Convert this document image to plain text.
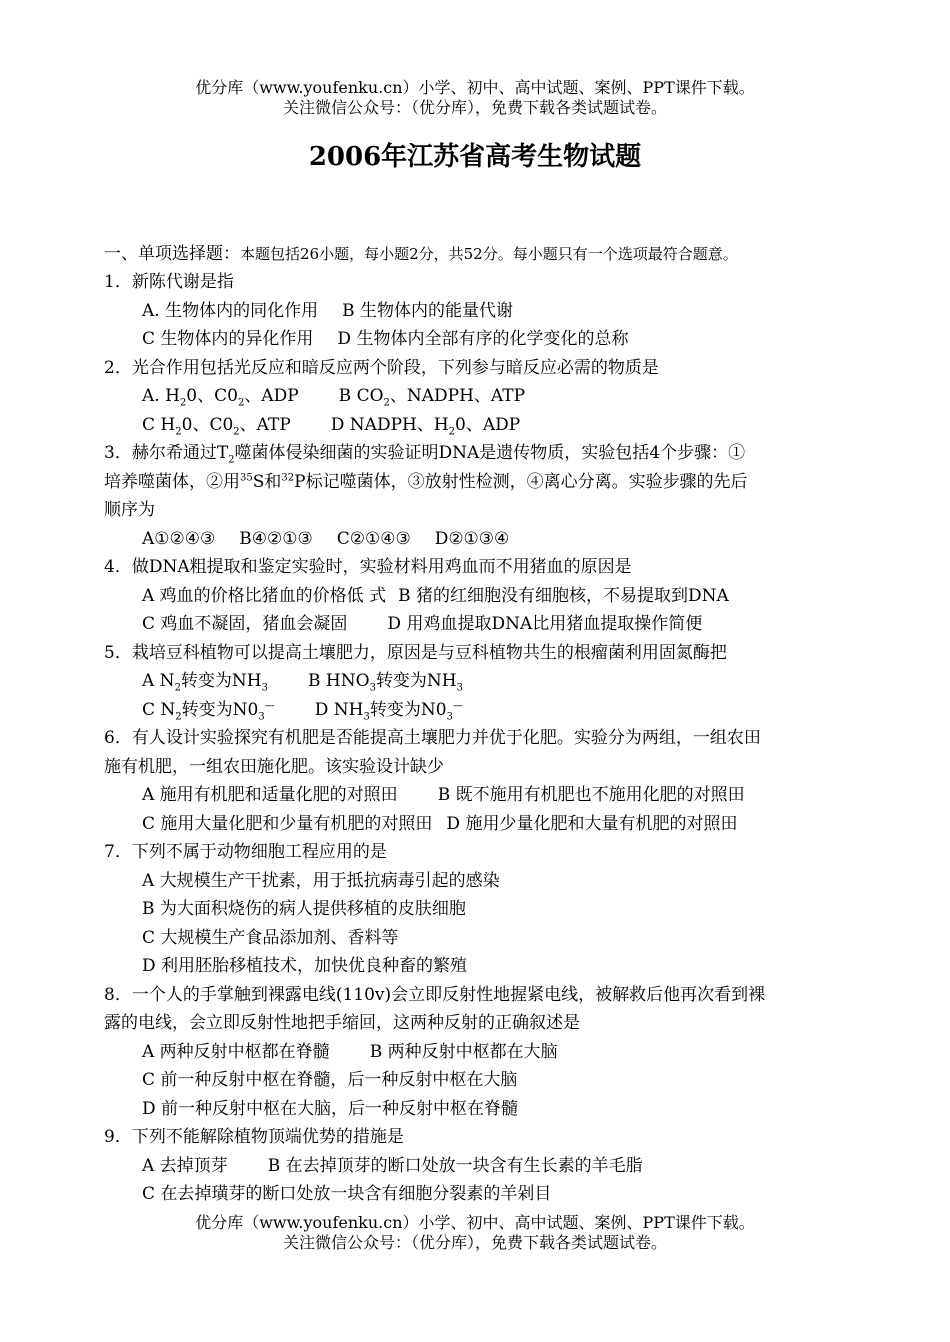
优分库（www.youfenku.cn）小学、初中、高中试题、案例、PPT课件下载。
关注微信公众号：（优分库），免费下载各类试题试卷。
2006年江苏省高考生物试题
一、单项选择题：本题包括26小题，每小题2分，共52分。每小题只有一个选项最符合题意。
1．新陈代谢是指
A. 生物体内的同化作用 B 生物体内的能量代谢
C 生物体内的异化作用 D 生物体内全部有序的化学变化的总称
2．光合作用包括光反应和暗反应两个阶段，下列参与暗反应必需的物质是
A. $H_20$、$C0_2$、ADP B $CO_2$、NADPH、ATP
C $H_20$、$C0_2$、ATP D NADPH、$H_20$、ADP
3．赫尔希通过$T_2$噬菌体侵染细菌的实验证明DNA是遗传物质，实验包括4个步骤：①
培养噬菌体，②用$^{35}$S和$^{32}$P标记噬菌体，③放射性检测，④离心分离。实验步骤的先后
顺序为
A①②④③ B④②①③ C②①④③ D②①③④
4．做DNA粗提取和鉴定实验时，实验材料用鸡血而不用猪血的原因是
A 鸡血的价格比猪血的价格低 式 B 猪的红细胞没有细胞核，不易提取到DNA
C 鸡血不凝固，猪血会凝固 D 用鸡血提取DNA比用猪血提取操作简便
5．栽培豆科植物可以提高土壤肥力，原因是与豆科植物共生的根瘤菌利用固氮酶把
A $N_2$转变为$NH_3$ B $HNO_3$转变为$NH_3$
C $N_2$转变为$N0_3^—$ D $NH_3$转变为$N0_3^—$
6．有人设计实验探究有机肥是否能提高土壤肥力并优于化肥。实验分为两组，一组农田
施有机肥，一组农田施化肥。该实验设计缺少
A 施用有机肥和适量化肥的对照田 B 既不施用有机肥也不施用化肥的对照田
C 施用大量化肥和少量有机肥的对照田 D 施用少量化肥和大量有机肥的对照田
7．下列不属于动物细胞工程应用的是
A 大规模生产干扰素，用于抵抗病毒引起的感染
B 为大面积烧伤的病人提供移植的皮肤细胞
C 大规模生产食品添加剂、香料等
D 利用胚胎移植技术，加快优良种畜的繁殖
8．一个人的手掌触到裸露电线(110v)会立即反射性地握紧电线，被解救后他再次看到裸
露的电线，会立即反射性地把手缩回，这两种反射的正确叙述是
A 两种反射中枢都在脊髓 B 两种反射中枢都在大脑
C 前一种反射中枢在脊髓，后一种反射中枢在大脑
D 前一种反射中枢在大脑，后一种反射中枢在脊髓
9．下列不能解除植物顶端优势的措施是
A 去掉顶芽 B 在去掉顶芽的断口处放一块含有生长素的羊毛脂
C 在去掉璜芽的断口处放一块含有细胞分裂素的羊剁目
优分库（www.youfenku.cn）小学、初中、高中试题、案例、PPT课件下载。
关注微信公众号：（优分库），免费下载各类试题试卷。
